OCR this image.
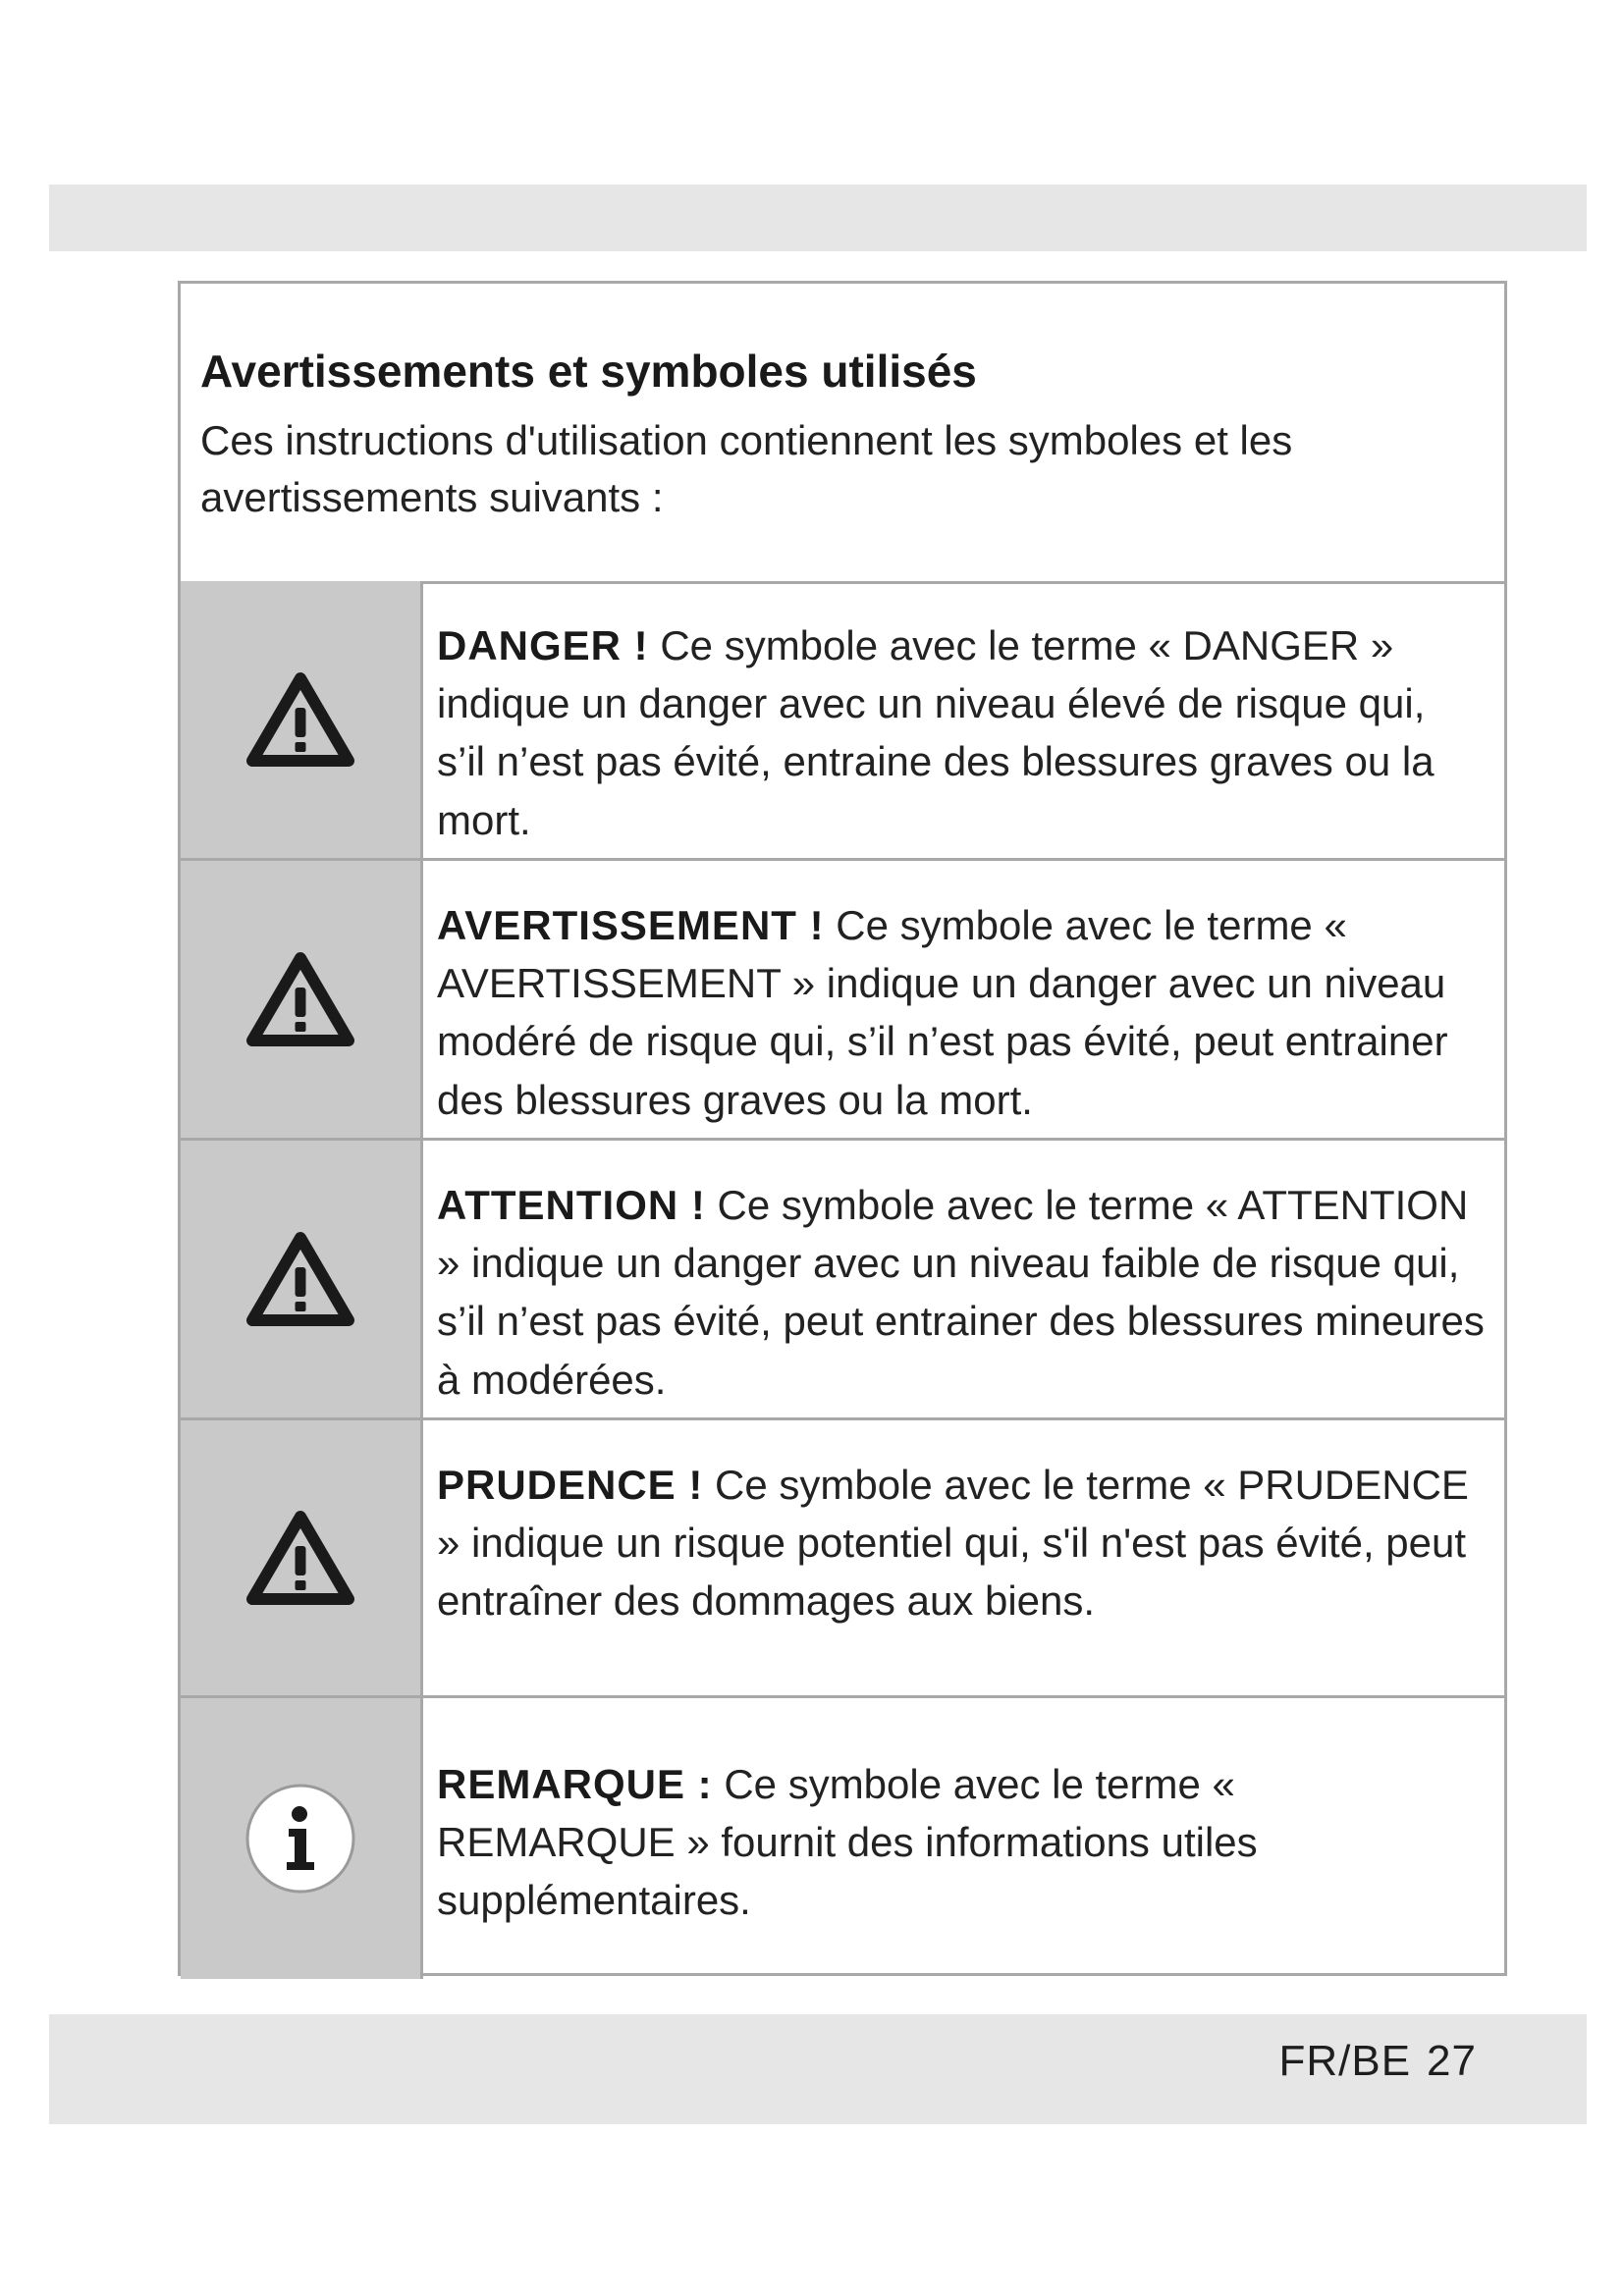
Avertissements et symboles utilisés

Ces instructions d'utilisation contiennent les symboles et les avertissements suivants :

DANGER ! Ce symbole avec le terme « DANGER » indique un danger avec un niveau élevé de risque qui, s’il n’est pas évité, entraine des blessures graves ou la mort.
AVERTISSEMENT ! Ce symbole avec le terme « AVERTISSEMENT » indique un danger avec un niveau modéré de risque qui, s’il n’est pas évité, peut entrainer des blessures graves ou la mort.
ATTENTION ! Ce symbole avec le terme « ATTENTION » indique un danger avec un niveau faible de risque qui, s’il n’est pas évité, peut entrainer des blessures mineures à modérées.
PRUDENCE ! Ce symbole avec le terme « PRUDENCE » indique un risque potentiel qui, s'il n'est pas évité, peut entraîner des dommages aux biens.
REMARQUE : Ce symbole avec le terme « REMARQUE » fournit des informations utiles supplémentaires.
FR/BE 27
